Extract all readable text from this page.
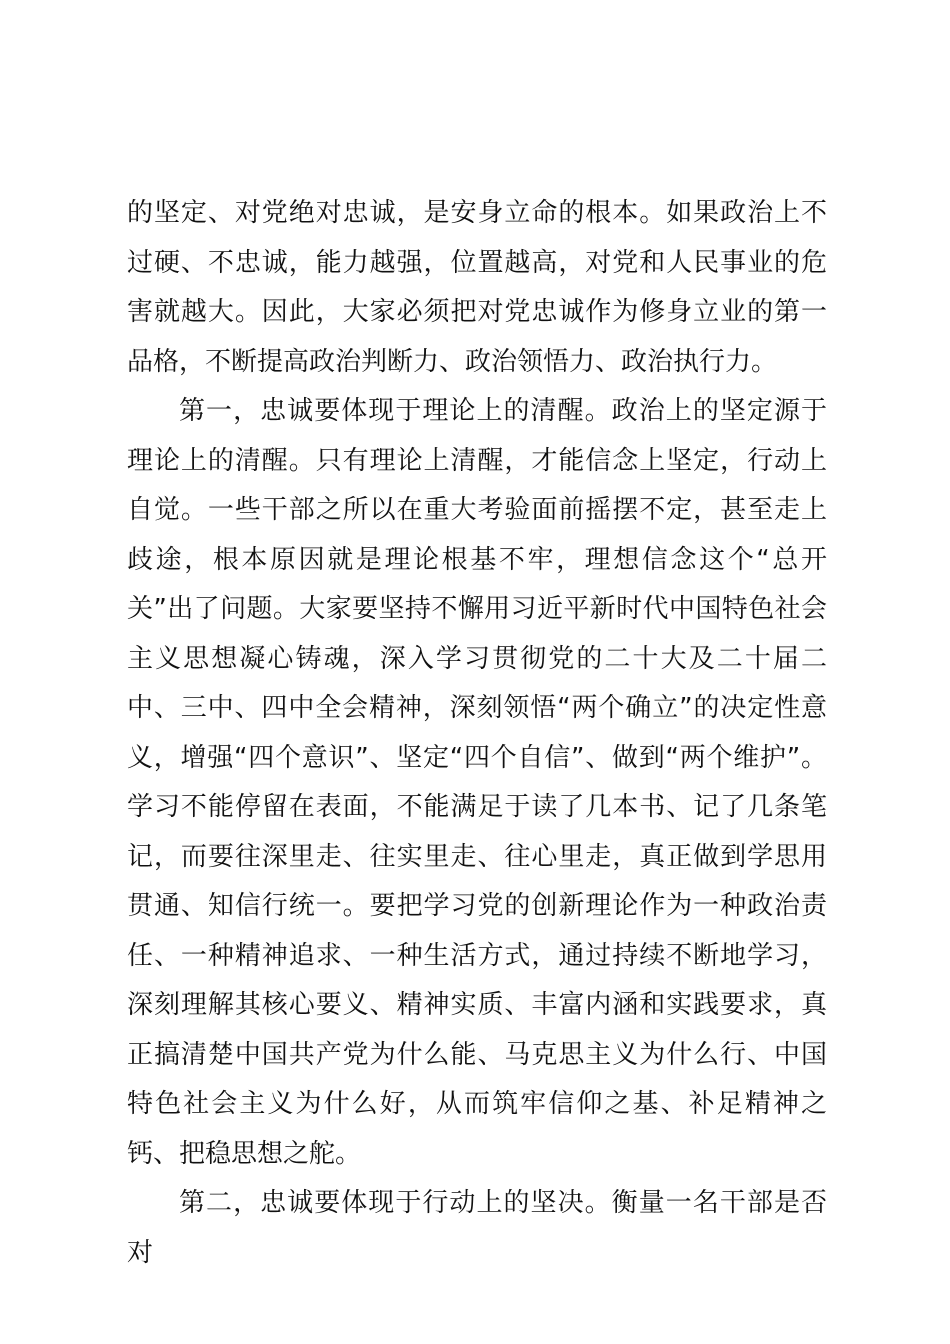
的坚定、对党绝对忠诚，是安身立命的根本。如果政治上不过硬、不忠诚，能力越强，位置越高，对党和人民事业的危害就越大。因此，大家必须把对党忠诚作为修身立业的第一品格，不断提高政治判断力、政治领悟力、政治执行力。

第一，忠诚要体现于理论上的清醒。政治上的坚定源于理论上的清醒。只有理论上清醒，才能信念上坚定，行动上自觉。一些干部之所以在重大考验面前摇摆不定，甚至走上歧途，根本原因就是理论根基不牢，理想信念这个“总开关”出了问题。大家要坚持不懈用习近平新时代中国特色社会主义思想凝心铸魂，深入学习贯彻党的二十大及二十届二中、三中、四中全会精神，深刻领悟“两个确立”的决定性意义，增强“四个意识”、坚定“四个自信”、做到“两个维护”。学习不能停留在表面，不能满足于读了几本书、记了几条笔记，而要往深里走、往实里走、往心里走，真正做到学思用贯通、知信行统一。要把学习党的创新理论作为一种政治责任、一种精神追求、一种生活方式，通过持续不断地学习，深刻理解其核心要义、精神实质、丰富内涵和实践要求，真正搞清楚中国共产党为什么能、马克思主义为什么行、中国特色社会主义为什么好，从而筑牢信仰之基、补足精神之钙、把稳思想之舵。

第二，忠诚要体现于行动上的坚决。衡量一名干部是否对
